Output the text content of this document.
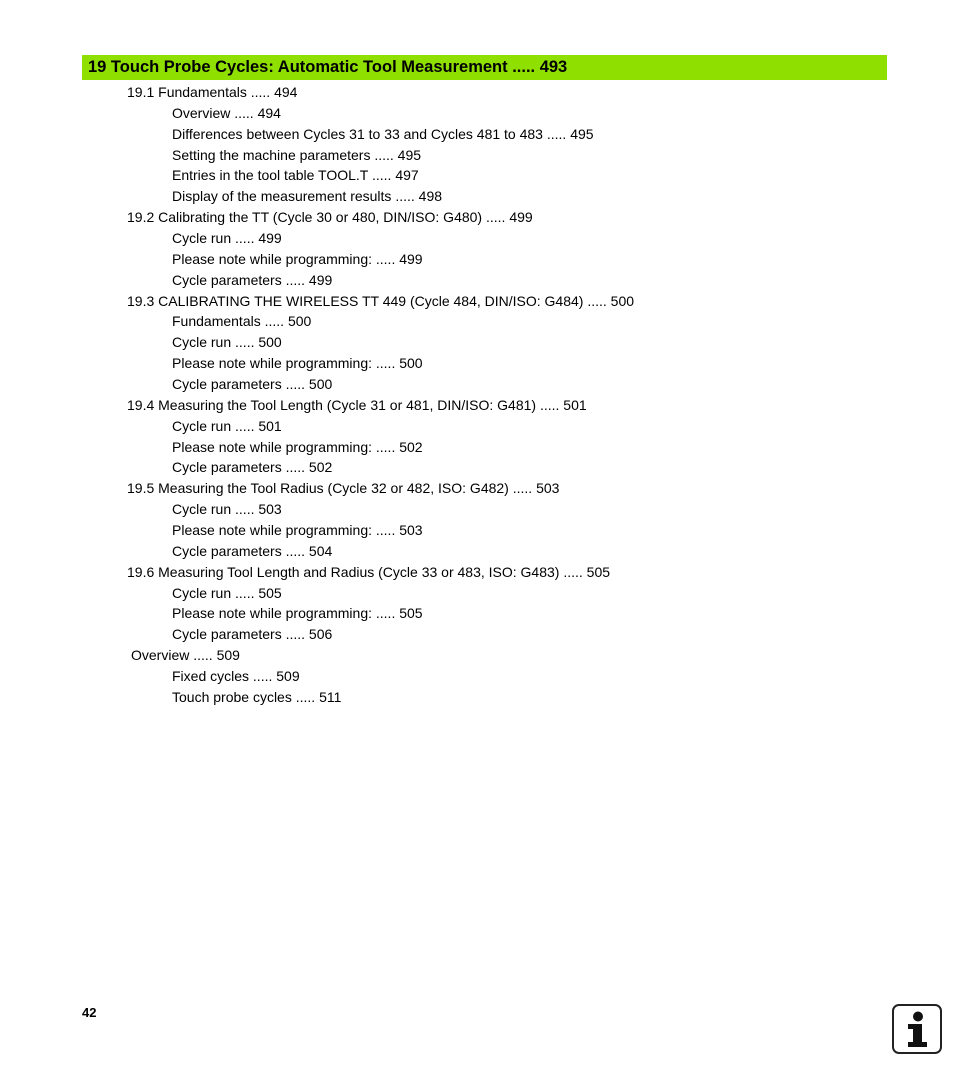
19 Touch Probe Cycles: Automatic Tool Measurement ..... 493
19.1 Fundamentals ..... 494
Overview ..... 494
Differences between Cycles 31 to 33 and Cycles 481 to 483 ..... 495
Setting the machine parameters ..... 495
Entries in the tool table TOOL.T ..... 497
Display of the measurement results ..... 498
19.2 Calibrating the TT (Cycle 30 or 480, DIN/ISO: G480) ..... 499
Cycle run ..... 499
Please note while programming: ..... 499
Cycle parameters ..... 499
19.3 CALIBRATING THE WIRELESS TT 449 (Cycle 484, DIN/ISO: G484) ..... 500
Fundamentals ..... 500
Cycle run ..... 500
Please note while programming: ..... 500
Cycle parameters ..... 500
19.4 Measuring the Tool Length (Cycle 31 or 481, DIN/ISO: G481) ..... 501
Cycle run ..... 501
Please note while programming: ..... 502
Cycle parameters ..... 502
19.5 Measuring the Tool Radius (Cycle 32 or 482, ISO: G482) ..... 503
Cycle run ..... 503
Please note while programming: ..... 503
Cycle parameters ..... 504
19.6 Measuring Tool Length and Radius (Cycle 33 or 483, ISO: G483) ..... 505
Cycle run ..... 505
Please note while programming: ..... 505
Cycle parameters ..... 506
Overview ..... 509
Fixed cycles ..... 509
Touch probe cycles ..... 511
42
